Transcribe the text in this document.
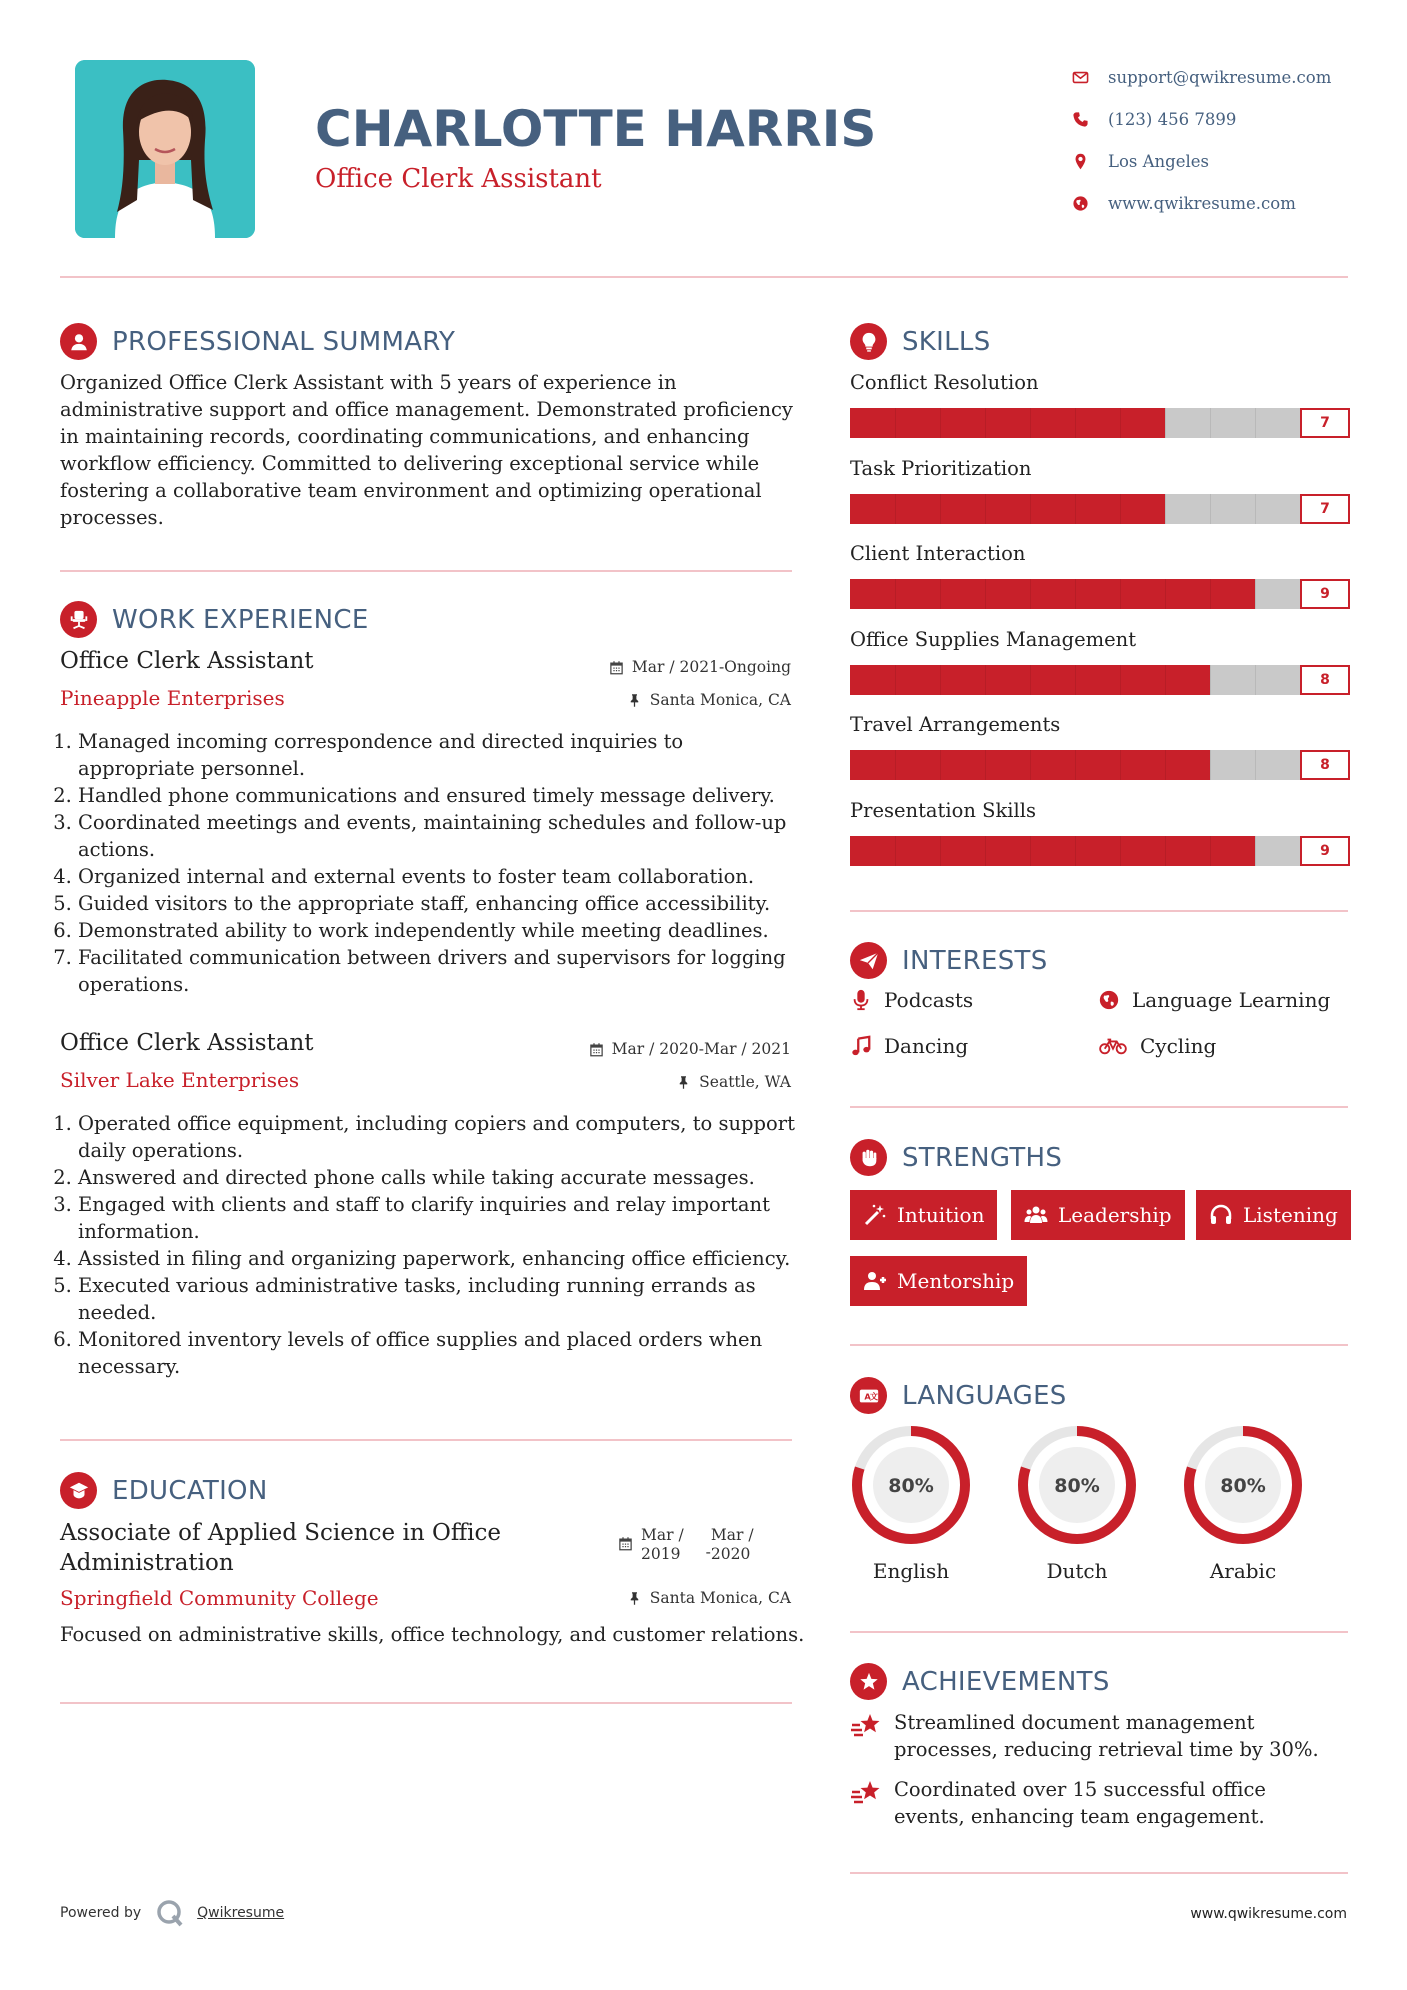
CHARLOTTE HARRIS
Office Clerk Assistant
support@qwikresume.com
(123) 456 7899
Los Angeles
www.qwikresume.com
PROFESSIONAL SUMMARY
Organized Office Clerk Assistant with 5 years of experience in administrative support and office management. Demonstrated proficiency in maintaining records, coordinating communications, and enhancing workflow efficiency. Committed to delivering exceptional service while fostering a collaborative team environment and optimizing operational processes.
WORK EXPERIENCE
Office Clerk Assistant	Mar / 2021-Ongoing
Pineapple Enterprises	Santa Monica, CA
1. Managed incoming correspondence and directed inquiries to appropriate personnel.
2. Handled phone communications and ensured timely message delivery.
3. Coordinated meetings and events, maintaining schedules and follow-up actions.
4. Organized internal and external events to foster team collaboration.
5. Guided visitors to the appropriate staff, enhancing office accessibility.
6. Demonstrated ability to work independently while meeting deadlines.
7. Facilitated communication between drivers and supervisors for logging operations.
Office Clerk Assistant	Mar / 2020-Mar / 2021
Silver Lake Enterprises	Seattle, WA
1. Operated office equipment, including copiers and computers, to support daily operations.
2. Answered and directed phone calls while taking accurate messages.
3. Engaged with clients and staff to clarify inquiries and relay important information.
4. Assisted in filing and organizing paperwork, enhancing office efficiency.
5. Executed various administrative tasks, including running errands as needed.
6. Monitored inventory levels of office supplies and placed orders when necessary.
EDUCATION
Associate of Applied Science in Office Administration
Mar /
2019 -
Mar /
2020
Springfield Community College	Santa Monica, CA
Focused on administrative skills, office technology, and customer relations.
SKILLS
Conflict Resolution
7
Task Prioritization
7
Client Interaction
9
Office Supplies Management
8
Travel Arrangements
8
Presentation Skills
9
INTERESTS
Podcasts	Language Learning
Dancing	Cycling
STRENGTHS
Intuition	Leadership	Listening
Mentorship
A 文 LANGUAGES
80%
English
80%
Dutch
80%
Arabic
ACHIEVEMENTS
Streamlined document management processes, reducing retrieval time by 30%.
Coordinated over 15 successful office events, enhancing team engagement.
Powered by	Qwikresume	www.qwikresume.com
